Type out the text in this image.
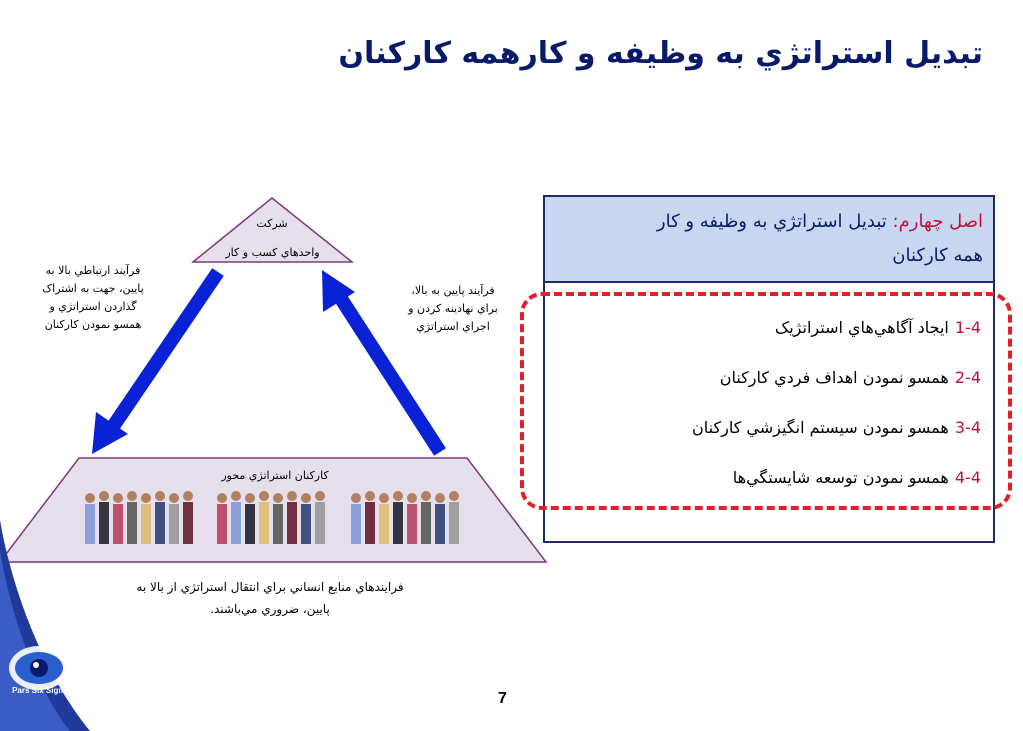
تبديل استراتژي به وظيفه و كارهمه كاركنان
شركت
واحدهاي كسب و كار
كاركنان استراتژي محور
فرآيند ارتباطي بالا به
پايين، جهت به اشتراک
گذاردن استراتژي و
همسو نمودن كاركنان
فرآيند پايين به بالا،
براي نهادينه كردن و
اجراي استراتژي
فرايندهاي منابع انساني براي انتقال استراتژي از بالا به
پايين، ضروري مي‌باشند.
اصل چهارم: تبديل استراتژي به وظيفه و كار
همه كاركنان
1-4ايجاد آگاهي‌هاي استراتژيک
2-4همسو نمودن اهداف فردي كاركنان
3-4همسو نمودن سيستم انگيزشي كاركنان
4-4همسو نمودن توسعه شايستگي‌ها
Pars Six Sigma	7
